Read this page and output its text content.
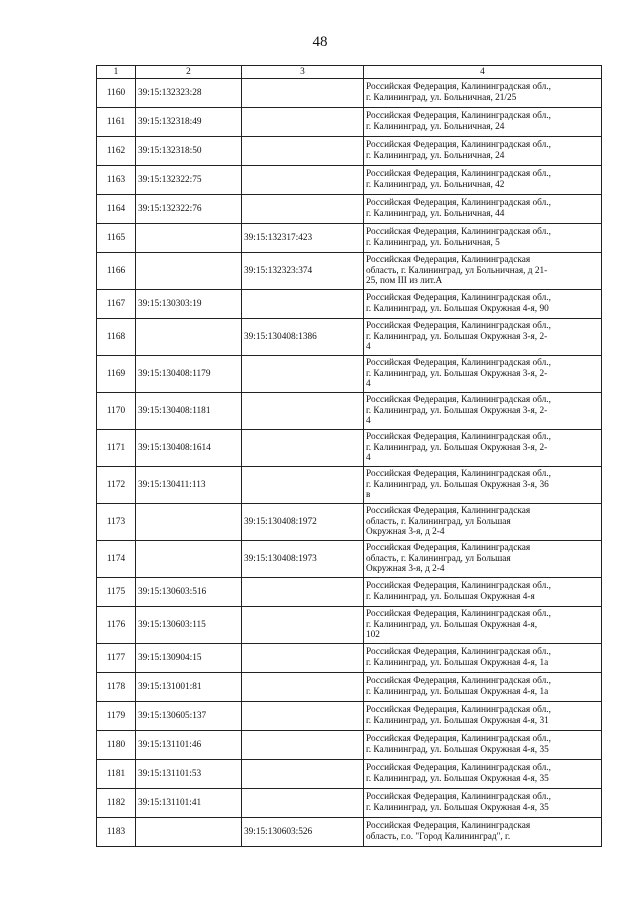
48
1	2	3	4
1160	39:15:132323:28		Российская Федерация, Калининградская обл.,
г. Калининград, ул. Больничная, 21/25
1161	39:15:132318:49		Российская Федерация, Калининградская обл.,
г. Калининград, ул. Больничная, 24
1162	39:15:132318:50		Российская Федерация, Калининградская обл.,
г. Калининград, ул. Больничная, 24
1163	39:15:132322:75		Российская Федерация, Калининградская обл.,
г. Калининград, ул. Больничная, 42
1164	39:15:132322:76		Российская Федерация, Калининградская обл.,
г. Калининград, ул. Больничная, 44
1165		39:15:132317:423	Российская Федерация, Калининградская обл.,
г. Калининград, ул. Больничная, 5
1166		39:15:132323:374	Российская Федерация, Калининградская
область, г. Калининград, ул Больничная, д 21-
25, пом III из лит.А
1167	39:15:130303:19		Российская Федерация, Калининградская обл.,
г. Калининград, ул. Большая Окружная 4-я, 90
1168		39:15:130408:1386	Российская Федерация, Калининградская обл.,
г. Калининград, ул. Большая Окружная 3-я, 2-
4
1169	39:15:130408:1179		Российская Федерация, Калининградская обл.,
г. Калининград, ул. Большая Окружная 3-я, 2-
4
1170	39:15:130408:1181		Российская Федерация, Калининградская обл.,
г. Калининград, ул. Большая Окружная 3-я, 2-
4
1171	39:15:130408:1614		Российская Федерация, Калининградская обл.,
г. Калининград, ул. Большая Окружная 3-я, 2-
4
1172	39:15:130411:113		Российская Федерация, Калининградская обл.,
г. Калининград, ул. Большая Окружная 3-я, 36
в
1173		39:15:130408:1972	Российская Федерация, Калининградская
область, г. Калининград, ул Большая
Окружная 3-я, д 2-4
1174		39:15:130408:1973	Российская Федерация, Калининградская
область, г. Калининград, ул Большая
Окружная 3-я, д 2-4
1175	39:15:130603:516		Российская Федерация, Калининградская обл.,
г. Калининград, ул. Большая Окружная 4-я
1176	39:15:130603:115		Российская Федерация, Калининградская обл.,
г. Калининград, ул. Большая Окружная 4-я,
102
1177	39:15:130904:15		Российская Федерация, Калининградская обл.,
г. Калининград, ул. Большая Окружная 4-я, 1а
1178	39:15:131001:81		Российская Федерация, Калининградская обл.,
г. Калининград, ул. Большая Окружная 4-я, 1а
1179	39:15:130605:137		Российская Федерация, Калининградская обл.,
г. Калининград, ул. Большая Окружная 4-я, 31
1180	39:15:131101:46		Российская Федерация, Калининградская обл.,
г. Калининград, ул. Большая Окружная 4-я, 35
1181	39:15:131101:53		Российская Федерация, Калининградская обл.,
г. Калининград, ул. Большая Окружная 4-я, 35
1182	39:15:131101:41		Российская Федерация, Калининградская обл.,
г. Калининград, ул. Большая Окружная 4-я, 35
1183		39:15:130603:526	Российская Федерация, Калининградская
область, г.о. "Город Калининград", г.
